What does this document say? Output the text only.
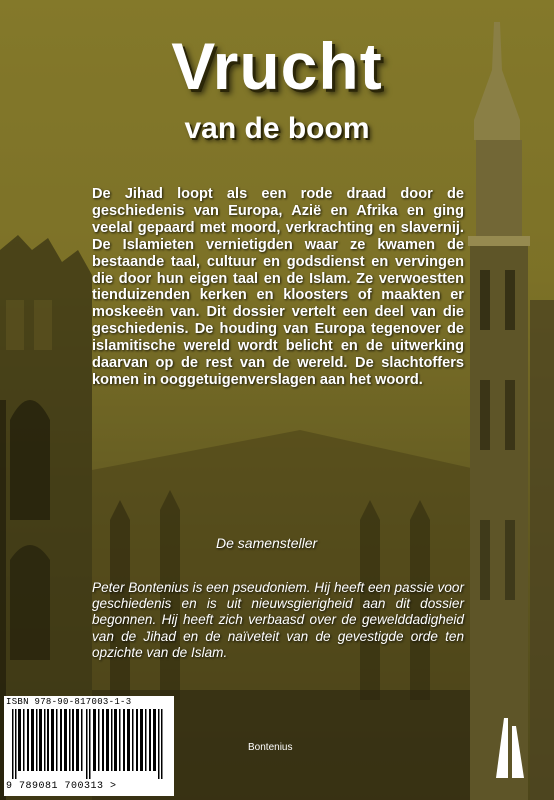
Vrucht
van de boom
De Jihad loopt als een rode draad door de geschiedenis van Europa, Azië en Afrika en ging veelal gepaard met moord, verkrachting en slavernij. De Islamieten vernietigden waar ze kwamen de bestaande taal, cultuur en godsdienst en vervingen die door hun eigen taal en de Islam. Ze verwoestten tienduizenden kerken en kloosters of maakten er moskeeën van. Dit dossier vertelt een deel van die geschiedenis. De houding van Europa tegenover de islamitische wereld wordt belicht en de uitwerking daarvan op de rest van de wereld. De slachtoffers komen in ooggetuigenverslagen aan het woord.
De samensteller
Peter Bontenius is een pseudoniem. Hij heeft een passie voor geschiedenis en is uit nieuwsgierigheid aan dit dossier begonnen. Hij heeft zich verbaasd over de gewelddadigheid van de Jihad en de naïveteit van de gevestigde orde ten opzichte van de Islam.
ISBN 978-90-817003-1-3
9 789081 700313 >
Bontenius
